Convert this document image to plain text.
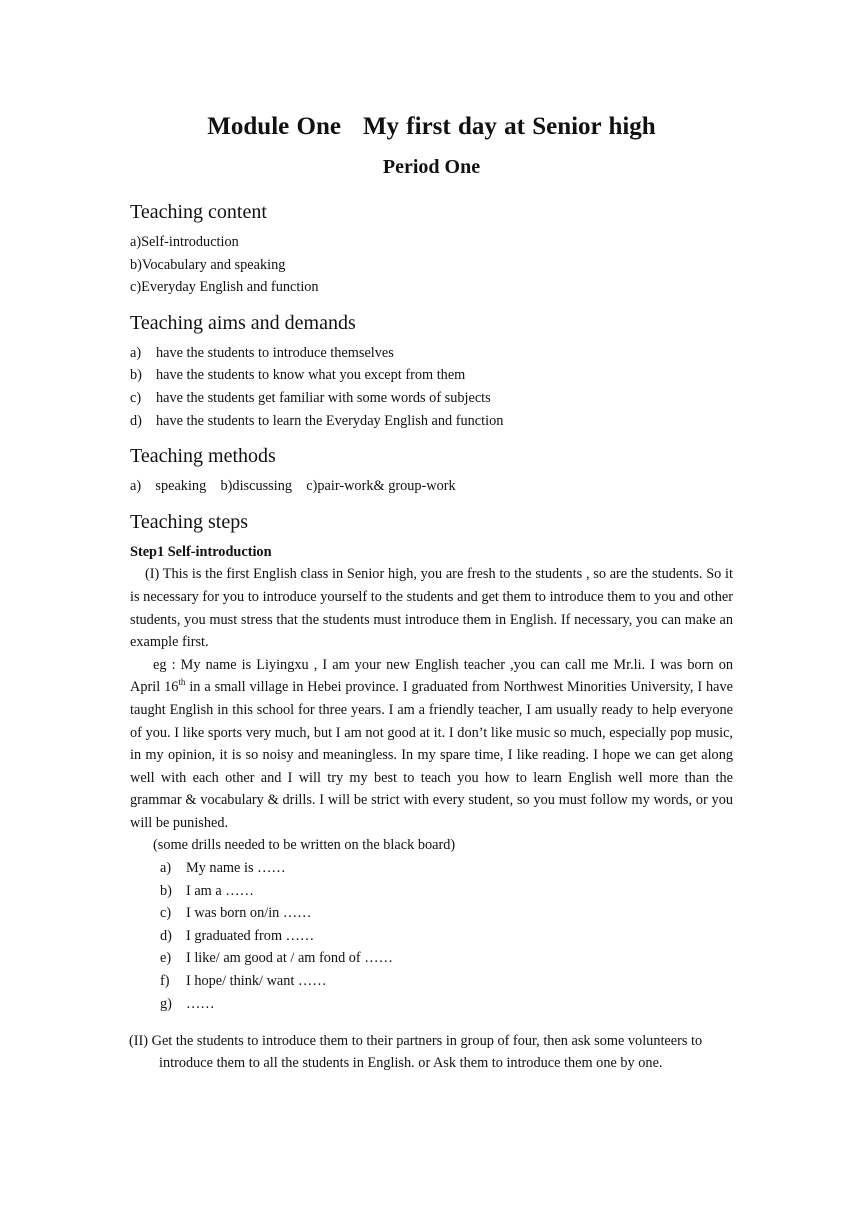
Module One My first day at Senior high
Period One
Teaching content

a)Self-introduction

b)Vocabulary and speaking

c)Everyday English and function

Teaching aims and demands
a)	have the students to introduce themselves
b) have the students to know what you except from them
c)	have the students get familiar with some words of subjects
d) have the students to learn the Everyday English and function
Teaching methods
a)    speaking    b)discussing    c)pair-work& group-work
Teaching steps
Step1 Self-introduction

(I) This is the first English class in Senior high, you are fresh to the students , so are the students. So it is necessary for you to introduce yourself to the students and get them to introduce them to you and other students, you must stress that the students must introduce them in English. If necessary, you can make an example first.

eg : My name is Liyingxu , I am your new English teacher ,you can call me Mr.li. I was born on April 16th in a small village in Hebei province. I graduated from Northwest Minorities University, I have taught English in this school for three years. I am a friendly teacher, I am usually ready to help everyone of you. I like sports very much, but I am not good at it. I don’t like music so much, especially pop music, in my opinion, it is so noisy and meaningless. In my spare time, I like reading. I hope we can get along well with each other and I will try my best to teach you how to learn English well more than the grammar & vocabulary & drills. I will be strict with every student, so you must follow my words, or you will be punished.

(some drills needed to be written on the black board)

a)	My name is ……
b) I am a ……
c)	I was born on/in ……
d) I graduated from ……
e)	I like/ am good at / am fond of ……
f)	I hope/ think/ want ……
g) ……

(II) Get the students to introduce them to their partners in group of four, then ask some volunteers to introduce them to all the students in English. or Ask them to introduce them one by one.
